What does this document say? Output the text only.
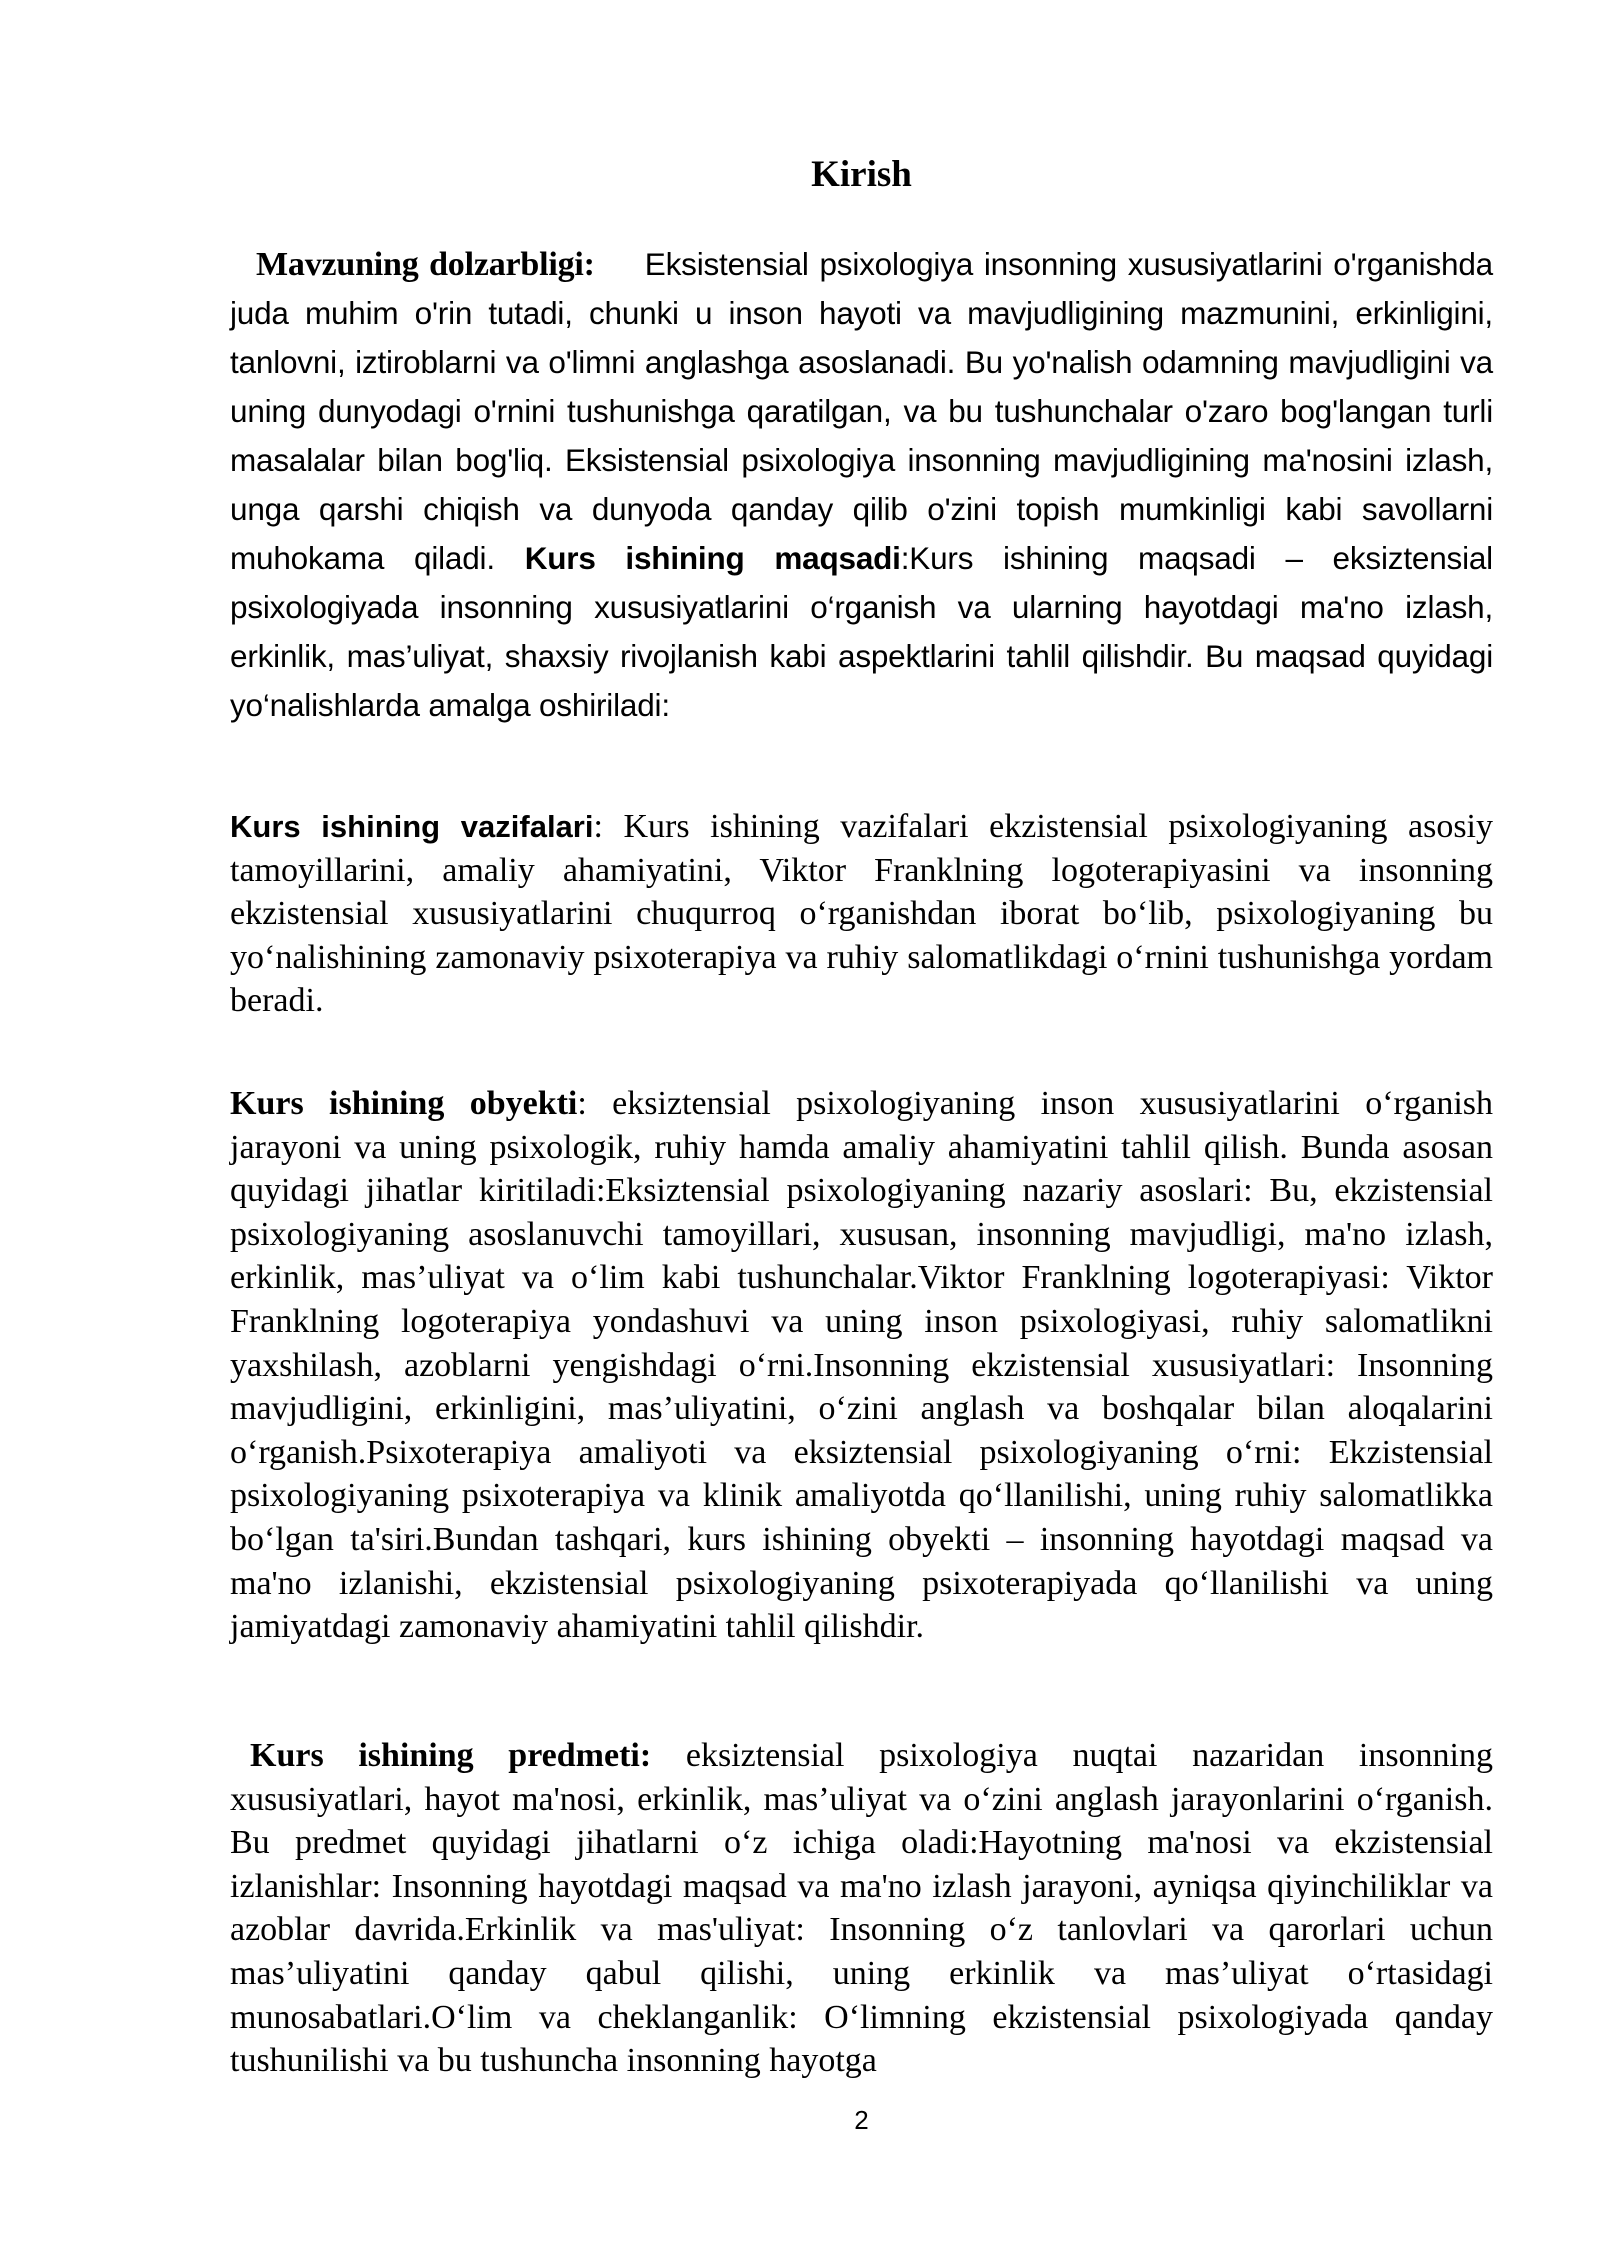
Kirish

Mavzuning dolzarbligi: Eksistensial psixologiya insonning xususiyatlarini o'rganishda juda muhim o'rin tutadi, chunki u inson hayoti va mavjudligining mazmunini, erkinligini, tanlovni, iztiroblarni va o'limni anglashga asoslanadi. Bu yo'nalish odamning mavjudligini va uning dunyodagi o'rnini tushunishga qaratilgan, va bu tushunchalar o'zaro bog'langan turli masalalar bilan bog'liq. Eksistensial psixologiya insonning mavjudligining ma'nosini izlash, unga qarshi chiqish va dunyoda qanday qilib o'zini topish mumkinligi kabi savollarni muhokama qiladi. Kurs ishining maqsadi:Kurs ishining maqsadi – eksiztensial psixologiyada insonning xususiyatlarini o‘rganish va ularning hayotdagi ma'no izlash, erkinlik, mas’uliyat, shaxsiy rivojlanish kabi aspektlarini tahlil qilishdir. Bu maqsad quyidagi yo‘nalishlarda amalga oshiriladi:

Kurs ishining vazifalari: Kurs ishining vazifalari ekzistensial psixologiyaning asosiy tamoyillarini, amaliy ahamiyatini, Viktor Franklning logoterapiyasini va insonning ekzistensial xususiyatlarini chuqurroq o‘rganishdan iborat bo‘lib, psixologiyaning bu yo‘nalishining zamonaviy psixoterapiya va ruhiy salomatlikdagi o‘rnini tushunishga yordam beradi.

Kurs ishining obyekti: eksiztensial psixologiyaning inson xususiyatlarini o‘rganish jarayoni va uning psixologik, ruhiy hamda amaliy ahamiyatini tahlil qilish. Bunda asosan quyidagi jihatlar kiritiladi:Eksiztensial psixologiyaning nazariy asoslari: Bu, ekzistensial psixologiyaning asoslanuvchi tamoyillari, xususan, insonning mavjudligi, ma'no izlash, erkinlik, mas’uliyat va o‘lim kabi tushunchalar.Viktor Franklning logoterapiyasi: Viktor Franklning logoterapiya yondashuvi va uning inson psixologiyasi, ruhiy salomatlikni yaxshilash, azoblarni yengishdagi o‘rni.Insonning ekzistensial xususiyatlari: Insonning mavjudligini, erkinligini, mas’uliyatini, o‘zini anglash va boshqalar bilan aloqalarini o‘rganish.Psixoterapiya amaliyoti va eksiztensial psixologiyaning o‘rni: Ekzistensial psixologiyaning psixoterapiya va klinik amaliyotda qo‘llanilishi, uning ruhiy salomatlikka bo‘lgan ta'siri.Bundan tashqari, kurs ishining obyekti – insonning hayotdagi maqsad va ma'no izlanishi, ekzistensial psixologiyaning psixoterapiyada qo‘llanilishi va uning jamiyatdagi zamonaviy ahamiyatini tahlil qilishdir.

Kurs ishining predmeti: eksiztensial psixologiya nuqtai nazaridan insonning xususiyatlari, hayot ma'nosi, erkinlik, mas’uliyat va o‘zini anglash jarayonlarini o‘rganish. Bu predmet quyidagi jihatlarni o‘z ichiga oladi:Hayotning ma'nosi va ekzistensial izlanishlar: Insonning hayotdagi maqsad va ma'no izlash jarayoni, ayniqsa qiyinchiliklar va azoblar davrida.Erkinlik va mas'uliyat: Insonning o‘z tanlovlari va qarorlari uchun mas’uliyatini qanday qabul qilishi, uning erkinlik va mas’uliyat o‘rtasidagi munosabatlari.O‘lim va cheklanganlik: O‘limning ekzistensial psixologiyada qanday tushunilishi va bu tushuncha insonning hayotga

2
